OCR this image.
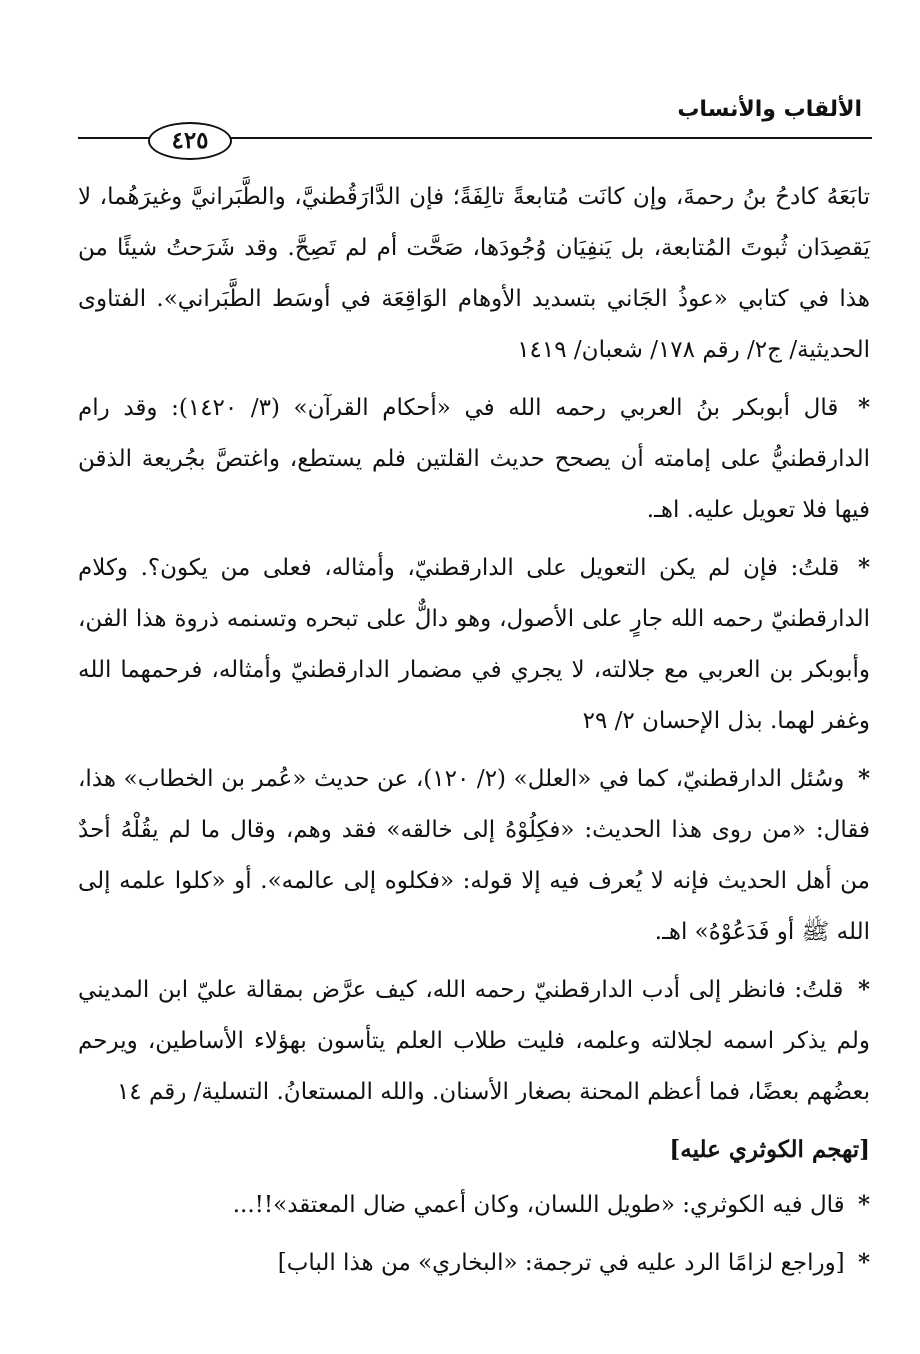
الألقاب والأنساب
٤٢٥

تابَعَهُ كادحُ بنُ رحمةَ، وإن كانَت مُتابعةً تالِفَةً؛ فإن الدَّارَقُطنيَّ، والطَّبَرانيَّ وغيرَهُما، لا يَقصِدَان ثُبوتَ المُتابعة، بل يَنفِيَان وُجُودَها، صَحَّت أم لم تَصِحَّ. وقد شَرَحتُ شيئًا من هذا في كتابي «عوذُ الجَاني بتسديد الأوهام الوَاقِعَة في أوسَط الطَّبَراني». الفتاوى الحديثية/ ج٢/ رقم ١٧٨/ شعبان/ ١٤١٩

* قال أبوبكر بنُ العربي رحمه الله في «أحكام القرآن» (٣/ ١٤٢٠): وقد رام الدارقطنيُّ على إمامته أن يصحح حديث القلتين فلم يستطع، واغتصَّ بجُريعة الذقن فيها فلا تعويل عليه. اهـ.

* قلتُ: فإن لم يكن التعويل على الدارقطنيّ، وأمثاله، فعلى من يكون؟. وكلام الدارقطنيّ رحمه الله جارٍ على الأصول، وهو دالٌّ على تبحره وتسنمه ذروة هذا الفن، وأبوبكر بن العربي مع جلالته، لا يجري في مضمار الدارقطنيّ وأمثاله، فرحمهما الله وغفر لهما. بذل الإحسان ٢/ ٢٩

* وسُئل الدارقطنيّ، كما في «العلل» (٢/ ١٢٠)، عن حديث «عُمر بن الخطاب» هذا، فقال: «من روى هذا الحديث: «فكِلُوْهُ إلى خالقه» فقد وهم، وقال ما لم يقُلْهُ أحدٌ من أهل الحديث فإنه لا يُعرف فيه إلا قوله: «فكلوه إلى عالمه». أو «كلوا علمه إلى الله ﷺ أو فَدَعُوْهُ» اهـ.

* قلتُ: فانظر إلى أدب الدارقطنيّ رحمه الله، كيف عرَّض بمقالة عليّ ابن المديني ولم يذكر اسمه لجلالته وعلمه، فليت طلاب العلم يتأسون بهؤلاء الأساطين، ويرحم بعضُهم بعضًا، فما أعظم المحنة بصغار الأسنان. والله المستعانُ. التسلية/ رقم ١٤

[تهجم الكوثري عليه]

* قال فيه الكوثري: «طويل اللسان، وكان أعمي ضال المعتقد»!!...

* [وراجع لزامًا الرد عليه في ترجمة: «البخاري» من هذا الباب]
